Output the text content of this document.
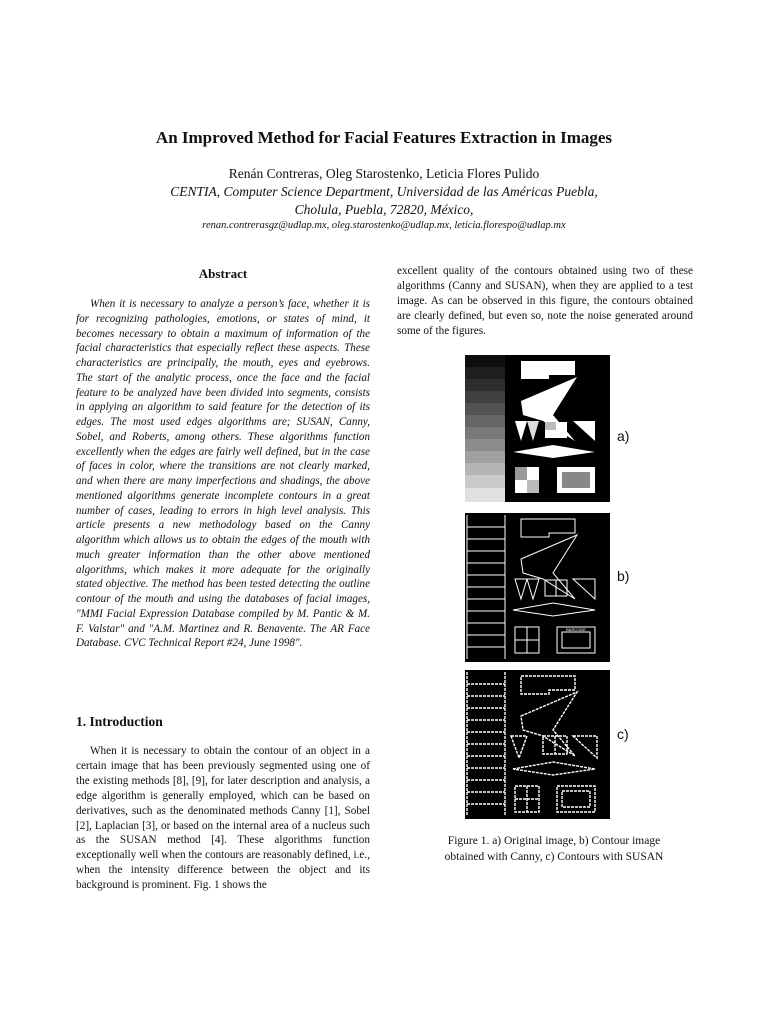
An Improved Method for Facial Features Extraction in Images
Renán Contreras, Oleg Starostenko, Leticia Flores Pulido
CENTIA, Computer Science Department, Universidad de las Américas Puebla,
Cholula, Puebla, 72820, México,
renan.contrerasgz@udlap.mx, oleg.starostenko@udlap.mx, leticia.florespo@udlap.mx
Abstract
When it is necessary to analyze a person’s face, whether it is for recognizing pathologies, emotions, or states of mind, it becomes necessary to obtain a maximum of information of the facial characteristics that especially reflect these aspects. These characteristics are principally, the mouth, eyes and eyebrows. The start of the analytic process, once the face and the facial feature to be analyzed have been divided into segments, consists in applying an algorithm to said feature for the detection of its edges. The most used edges algorithms are; SUSAN, Canny, Sobel, and Roberts, among others. These algorithms function excellently when the edges are fairly well defined, but in the case of faces in color, where the transitions are not clearly marked, and when there are many imperfections and shadings, the above mentioned algorithms generate incomplete contours in a great number of cases, leading to errors in high level analysis. This article presents a new methodology based on the Canny algorithm which allows us to obtain the edges of the mouth with much greater information than the other above mentioned algorithms, which makes it more adequate for the originally stated objective. The method has been tested detecting the outline contour of the mouth and using the databases of facial images, "MMI Facial Expression Database compiled by M. Pantic & M. F. Valstar" and "A.M. Martinez and R. Benavente. The AR Face Database. CVC Technical Report #24, June 1998".
1. Introduction
When it is necessary to obtain the contour of an object in a certain image that has been previously segmented using one of the existing methods [8], [9], for later description and analysis, a edge algorithm is generally employed, which can be based on derivatives, such as the denominated methods Canny [1], Sobel [2], Laplacian [3], or based on the internal area of a nucleus such as the SUSAN method [4]. These algorithms function exceptionally well when the contours are reasonably defined, i.e., when the intensity difference between the object and its background is prominent. Fig. 1 shows the
excellent quality of the contours obtained using two of these algorithms (Canny and SUSAN), when they are applied to a test image. As can be observed in this figure, the contours obtained are clearly defined, but even so, note the noise generated around some of the figures.
a)
BARCODE
b)
c)
Figure 1. a) Original image, b) Contour image
obtained with Canny, c) Contours with SUSAN
